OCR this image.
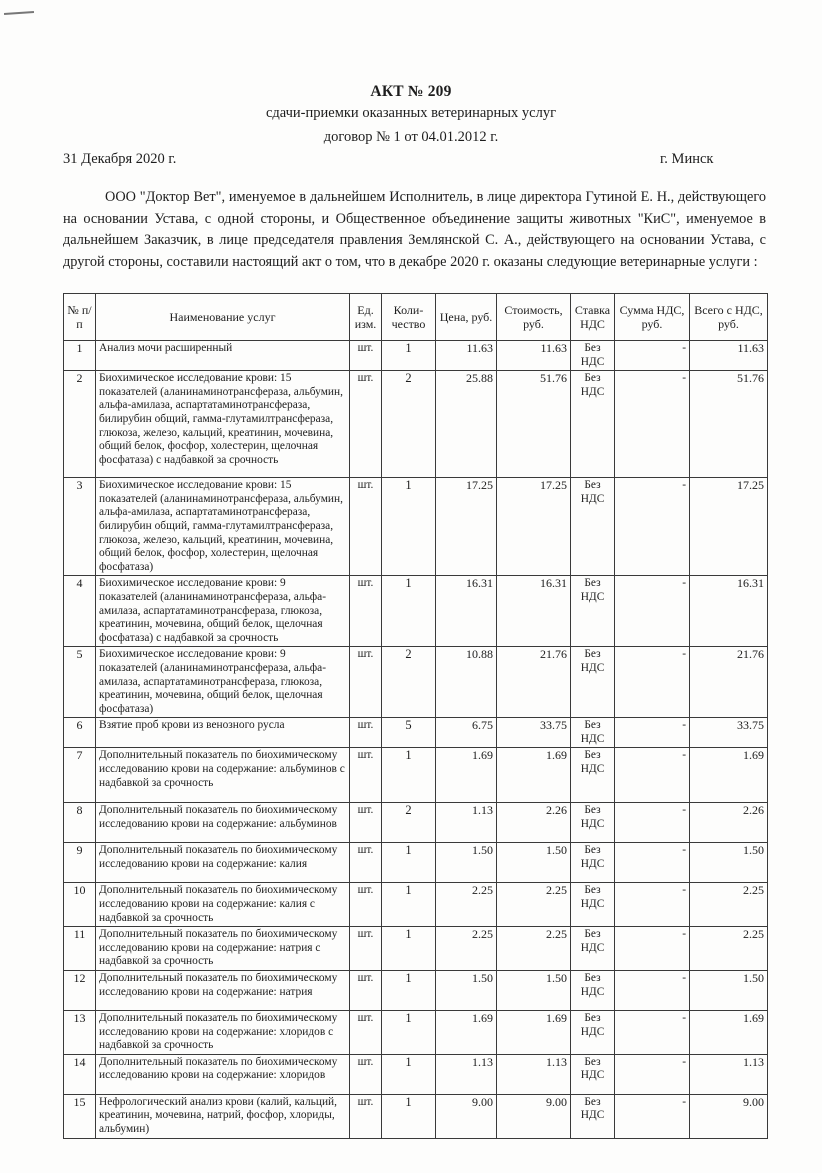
АКТ № 209
сдачи-приемки оказанных ветеринарных услуг
договор № 1 от 04.01.2012 г.
31 Декабря 2020 г.	г. Минск
ООО "Доктор Вет", именуемое в дальнейшем Исполнитель, в лице директора Гутиной Е. Н., действующего на основании Устава, с одной стороны, и Общественное объединение защиты животных "КиС", именуемое в дальнейшем Заказчик, в лице председателя правления Землянской С. А., действующего на основании Устава, с другой стороны, составили настоящий акт о том, что в декабре 2020 г. оказаны следующие ветеринарные услуги :
№ п/п	Наименование услуг	Ед. изм.	Коли-чество	Цена, руб.	Стоимость, руб.	Ставка НДС	Сумма НДС, руб.	Всего с НДС, руб.
1	Анализ мочи расширенный	шт.	1	11.63	11.63	Без НДС	-	11.63
2	Биохимическое исследование крови: 15 показателей (аланинаминотрансфераза, альбумин, альфа-амилаза, аспартатаминотрансфераза, билирубин общий, гамма-глутамилтрансфераза, глюкоза, железо, кальций, креатинин, мочевина, общий белок, фосфор, холестерин, щелочная фосфатаза) с надбавкой за срочность	шт.	2	25.88	51.76	Без НДС	-	51.76
3	Биохимическое исследование крови: 15 показателей (аланинаминотрансфераза, альбумин, альфа-амилаза, аспартатаминотрансфераза, билирубин общий, гамма-глутамилтрансфераза, глюкоза, железо, кальций, креатинин, мочевина, общий белок, фосфор, холестерин, щелочная фосфатаза)	шт.	1	17.25	17.25	Без НДС	-	17.25
4	Биохимическое исследование крови: 9 показателей (аланинаминотрансфераза, альфа-амилаза, аспартатаминотрансфераза, глюкоза, креатинин, мочевина, общий белок, щелочная фосфатаза) с надбавкой за срочность	шт.	1	16.31	16.31	Без НДС	-	16.31
5	Биохимическое исследование крови: 9 показателей (аланинаминотрансфераза, альфа-амилаза, аспартатаминотрансфераза, глюкоза, креатинин, мочевина, общий белок, щелочная фосфатаза)	шт.	2	10.88	21.76	Без НДС	-	21.76
6	Взятие проб крови из венозного русла	шт.	5	6.75	33.75	Без НДС	-	33.75
7	Дополнительный показатель по биохимическому исследованию крови на содержание: альбуминов с надбавкой за срочность	шт.	1	1.69	1.69	Без НДС	-	1.69
8	Дополнительный показатель по биохимическому исследованию крови на содержание: альбуминов	шт.	2	1.13	2.26	Без НДС	-	2.26
9	Дополнительный показатель по биохимическому исследованию крови на содержание: калия	шт.	1	1.50	1.50	Без НДС	-	1.50
10	Дополнительный показатель по биохимическому исследованию крови на содержание: калия с надбавкой за срочность	шт.	1	2.25	2.25	Без НДС	-	2.25
11	Дополнительный показатель по биохимическому исследованию крови на содержание: натрия с надбавкой за срочность	шт.	1	2.25	2.25	Без НДС	-	2.25
12	Дополнительный показатель по биохимическому исследованию крови на содержание: натрия	шт.	1	1.50	1.50	Без НДС	-	1.50
13	Дополнительный показатель по биохимическому исследованию крови на содержание: хлоридов с надбавкой за срочность	шт.	1	1.69	1.69	Без НДС	-	1.69
14	Дополнительный показатель по биохимическому исследованию крови на содержание: хлоридов	шт.	1	1.13	1.13	Без НДС	-	1.13
15	Нефрологический анализ крови (калий, кальций, креатинин, мочевина, натрий, фосфор, хлориды, альбумин)	шт.	1	9.00	9.00	Без НДС	-	9.00
